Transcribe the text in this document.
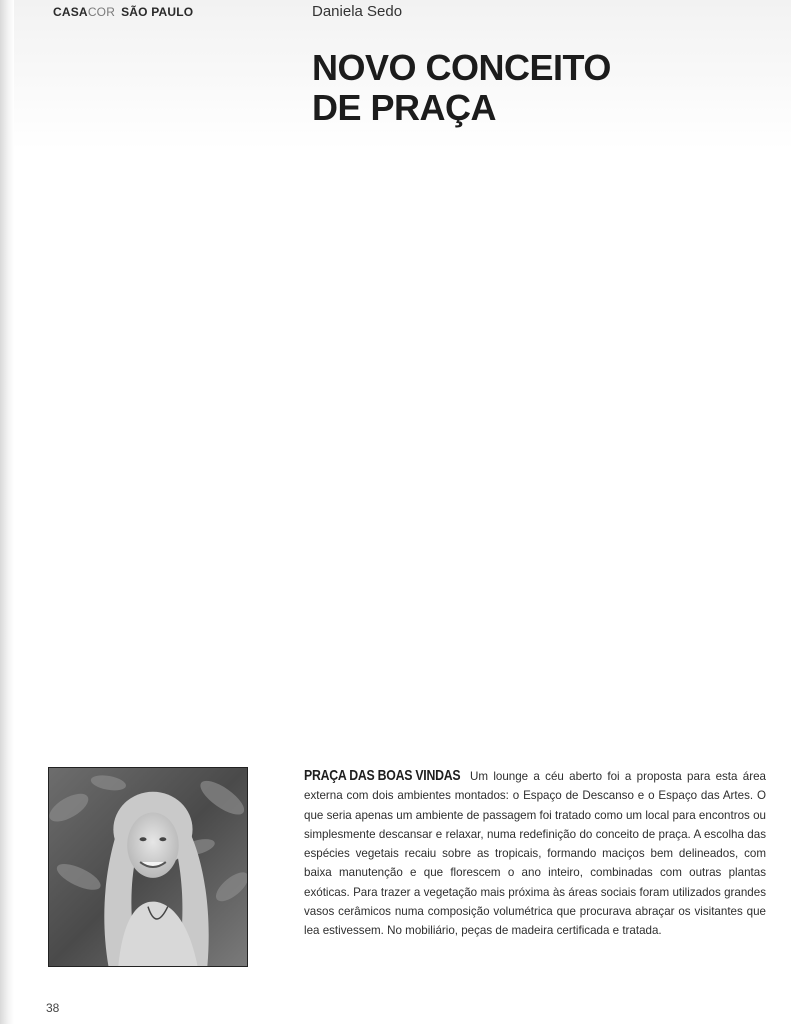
CASACOR SÃO PAULO	Daniela Sedo
NOVO CONCEITO
DE PRAÇA

PRAÇA DAS BOAS VINDAS Um lounge a céu aberto foi a proposta para esta área externa com dois ambientes montados: o Espaço de Descanso e o Espaço das Artes. O que seria apenas um ambiente de passagem foi tratado como um local para encontros ou simplesmente descansar e relaxar, numa redefinição do conceito de praça. A escolha das espécies vegetais recaiu sobre as tropicais, formando maciços bem delineados, com baixa manutenção e que florescem o ano inteiro, combinadas com outras plantas exóticas. Para trazer a vegetação mais próxima às áreas sociais foram utilizados grandes vasos cerâmicos numa composição volumétrica que procurava abraçar os visitantes que lea estivessem. No mobiliário, peças de madeira certificada e tratada.

38
